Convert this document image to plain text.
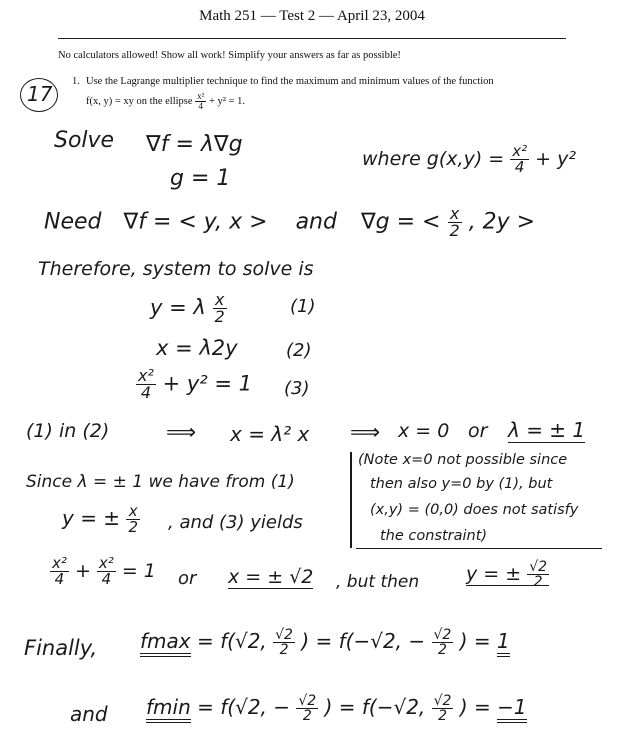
Math 251 — Test 2 — April 23, 2004
No calculators allowed! Show all work! Simplify your answers as far as possible!
17
1. Use the Lagrange multiplier technique to find the maximum and minimum values of the function
f(x, y) = xy on the ellipse $\frac{\text{x²}}{4} + y^2 = 1$.
Solve ∇f = λ∇g
g = 1
where $g(x,y) = \frac{\text{x²}}{4} + y^2$
Need ∇f = < y, x > and ∇g = < $\frac{x}{2}$ , 2y >
Therefore, system to solve is
y = λ $\frac{x}{2}$	(1)
x = λ2y	(2)
$\frac{\text{x²}}{4} + y^2 = 1$ (3)
(1) in (2)	⟹ x = λ² x ⟹ x = 0 or λ = ± 1
(Note x=0 not possible since
then also y=0 by (1), but
(x,y) = (0,0) does not satisfy
the constraint)
Since λ = ± 1 we have from (1)
y = ± $\frac{x}{2}$ , and (3) yields
$\frac{\text{x²}}{4} + \frac{\text{x²}}{4} = 1$ or x = ± √2 , but then y = ± $\frac{√2}{2}$
Finally, fmax = f(√2, $\frac{√2}{2}$ ) = f(−√2, − $\frac{√2}{2}$ ) = 1
and fmin = f(√2, − $\frac{√2}{2}$ ) = f(−√2, $\frac{√2}{2}$ ) = −1
